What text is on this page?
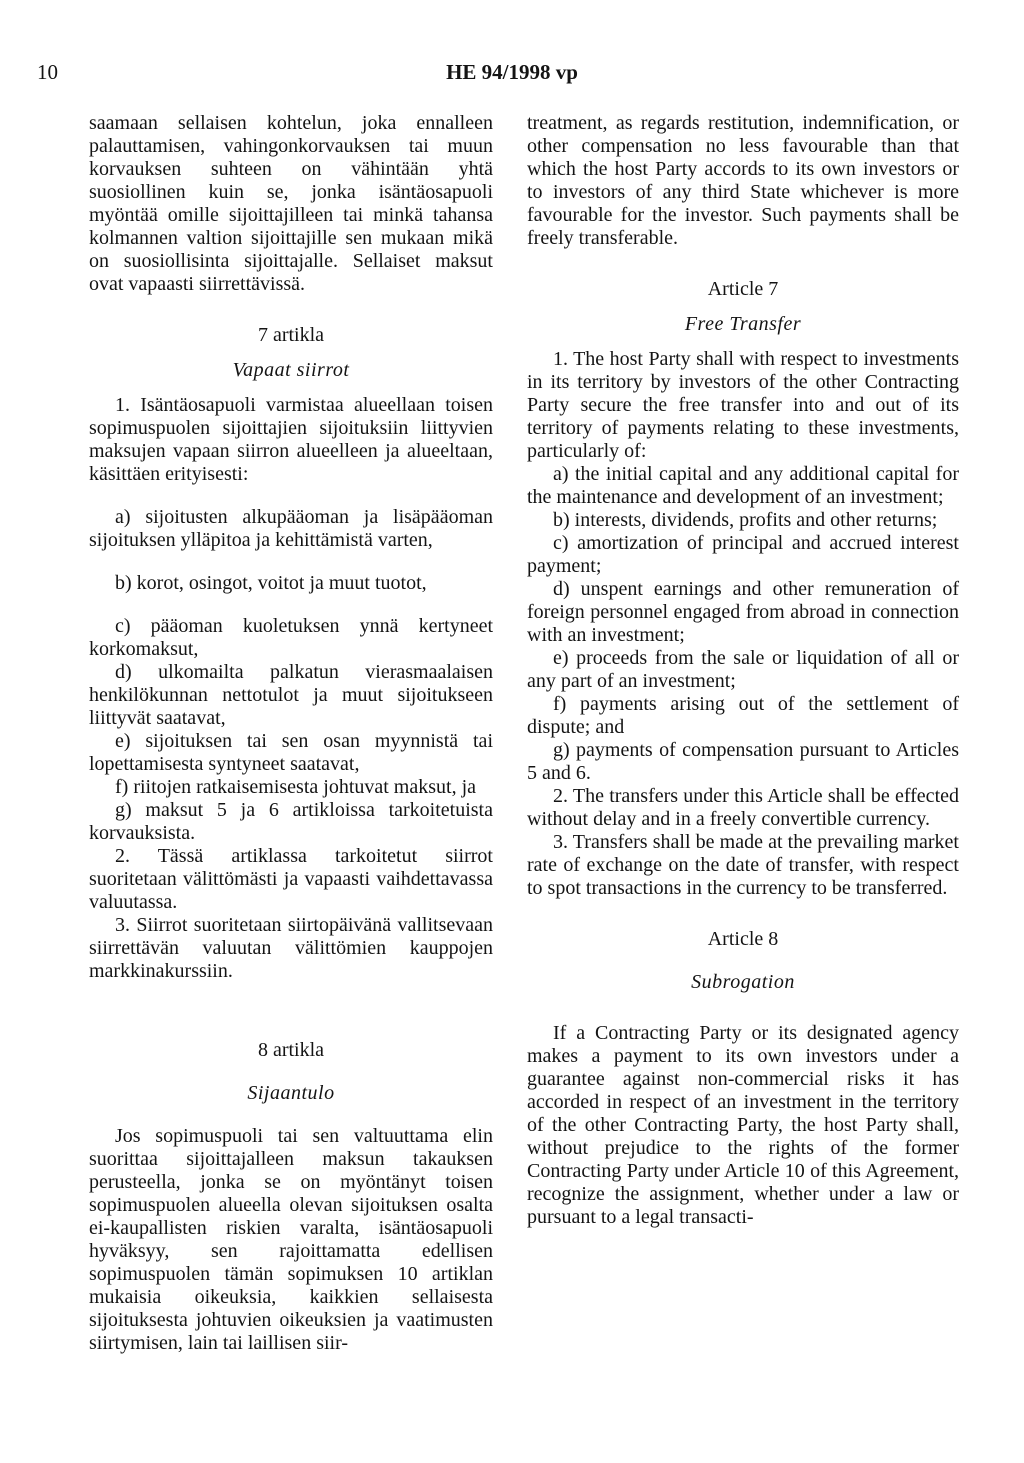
10	HE 94/1998 vp

saamaan sellaisen kohtelun, joka ennalleen palauttamisen, vahingonkorvauksen tai muun korvauksen suhteen on vähintään yhtä suosiollinen kuin se, jonka isäntäosapuoli myöntää omille sijoittajilleen tai minkä tahansa kolmannen valtion sijoittajille sen mukaan mikä on suosiollisinta sijoittajalle. Sellaiset maksut ovat vapaasti siirrettävissä.

7 artikla

Vapaat siirrot

1. Isäntäosapuoli varmistaa alueellaan toisen sopimuspuolen sijoittajien sijoituksiin liittyvien maksujen vapaan siirron alueelleen ja alueeltaan, käsittäen erityisesti:

a) sijoitusten alkupääoman ja lisäpääoman sijoituksen ylläpitoa ja kehittämistä varten,

b) korot, osingot, voitot ja muut tuotot,

c) pääoman kuoletuksen ynnä kertyneet korkomaksut,

d) ulkomailta palkatun vierasmaalaisen henkilökunnan nettotulot ja muut sijoitukseen liittyvät saatavat,

e) sijoituksen tai sen osan myynnistä tai lopettamisesta syntyneet saatavat,

f) riitojen ratkaisemisesta johtuvat maksut, ja

g) maksut 5 ja 6 artikloissa tarkoitetuista korvauksista.

2. Tässä artiklassa tarkoitetut siirrot suoritetaan välittömästi ja vapaasti vaihdettavassa valuutassa.

3. Siirrot suoritetaan siirtopäivänä vallitsevaan siirrettävän valuutan välittömien kauppojen markkinakurssiin.

8 artikla

Sijaantulo

Jos sopimuspuoli tai sen valtuuttama elin suorittaa sijoittajalleen maksun takauksen perusteella, jonka se on myöntänyt toisen sopimuspuolen alueella olevan sijoituksen osalta ei-kaupallisten riskien varalta, isäntäosapuoli hyväksyy, sen rajoittamatta edellisen sopimuspuolen tämän sopimuksen 10 artiklan mukaisia oikeuksia, kaikkien sellaisesta sijoituksesta johtuvien oikeuksien ja vaatimusten siirtymisen, lain tai laillisen siir-

treatment, as regards restitution, indemnification, or other compensation no less favourable than that which the host Party accords to its own investors or to investors of any third State whichever is more favourable for the investor. Such payments shall be freely transferable.

Article 7

Free Transfer

1. The host Party shall with respect to investments in its territory by investors of the other Contracting Party secure the free transfer into and out of its territory of payments relating to these investments, particularly of:

a) the initial capital and any additional capital for the maintenance and development of an investment;

b) interests, dividends, profits and other returns;

c) amortization of principal and accrued interest payment;

d) unspent earnings and other remuneration of foreign personnel engaged from abroad in connection with an investment;

e) proceeds from the sale or liquidation of all or any part of an investment;

f) payments arising out of the settlement of dispute; and

g) payments of compensation pursuant to Articles 5 and 6.

2. The transfers under this Article shall be effected without delay and in a freely convertible currency.

3. Transfers shall be made at the prevailing market rate of exchange on the date of transfer, with respect to spot transactions in the currency to be transferred.

Article 8

Subrogation

If a Contracting Party or its designated agency makes a payment to its own investors under a guarantee against non-commercial risks it has accorded in respect of an investment in the territory of the other Contracting Party, the host Party shall, without prejudice to the rights of the former Contracting Party under Article 10 of this Agreement, recognize the assignment, whether under a law or pursuant to a legal transacti-
